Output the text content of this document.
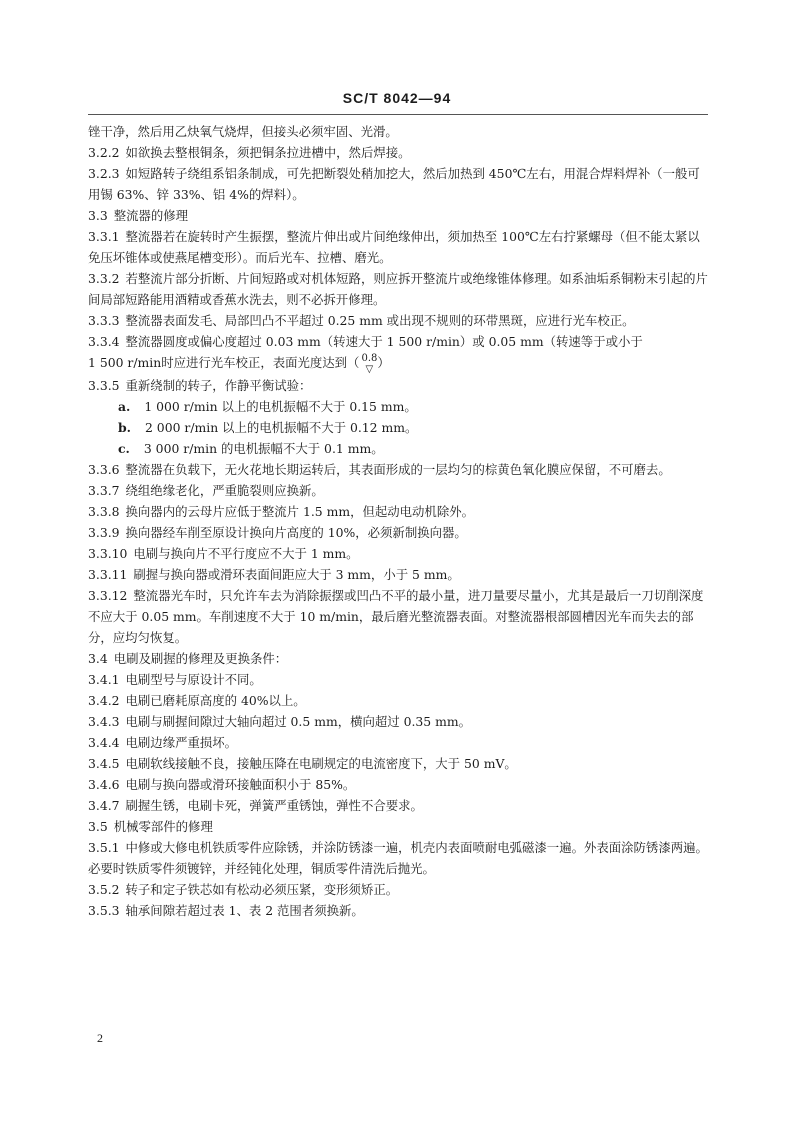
SC/T 8042—94

锉干净，然后用乙炔氧气烧焊，但接头必须牢固、光滑。

3.2.2 如欲换去整根铜条，须把铜条拉进槽中，然后焊接。

3.2.3 如短路转子绕组系铝条制成，可先把断裂处稍加挖大，然后加热到 450℃左右，用混合焊料焊补（一般可用锡 63%、锌 33%、铝 4%的焊料）。

3.3 整流器的修理

3.3.1 整流器若在旋转时产生振摆，整流片伸出或片间绝缘伸出，须加热至 100℃左右拧紧螺母（但不能太紧以免压坏锥体或使燕尾槽变形）。而后光车、拉槽、磨光。

3.3.2 若整流片部分折断、片间短路或对机体短路，则应拆开整流片或绝缘锥体修理。如系油垢系铜粉末引起的片间局部短路能用酒精或香蕉水洗去，则不必拆开修理。

3.3.3 整流器表面发毛、局部凹凸不平超过 0.25 mm 或出现不规则的环带黑斑，应进行光车校正。

3.3.4 整流器圆度或偏心度超过 0.03 mm（转速大于 1 500 r/min）或 0.05 mm（转速等于或小于

1 500 r/min时应进行光车校正，表面光度达到（ 0.8
▽ ）

3.3.5 重新绕制的转子，作静平衡试验：

a. 1 000 r/min 以上的电机振幅不大于 0.15 mm。

b. 2 000 r/min 以上的电机振幅不大于 0.12 mm。

c. 3 000 r/min 的电机振幅不大于 0.1 mm。

3.3.6 整流器在负载下，无火花地长期运转后，其表面形成的一层均匀的棕黄色氧化膜应保留，不可磨去。

3.3.7 绕组绝缘老化，严重脆裂则应换新。

3.3.8 换向器内的云母片应低于整流片 1.5 mm，但起动电动机除外。

3.3.9 换向器经车削至原设计换向片高度的 10%，必须新制换向器。

3.3.10 电刷与换向片不平行度应不大于 1 mm。

3.3.11 刷握与换向器或滑环表面间距应大于 3 mm，小于 5 mm。

3.3.12 整流器光车时，只允许车去为消除振摆或凹凸不平的最小量，进刀量要尽量小，尤其是最后一刀切削深度不应大于 0.05 mm。车削速度不大于 10 m/min，最后磨光整流器表面。对整流器根部圆槽因光车而失去的部分，应均匀恢复。

3.4 电刷及刷握的修理及更换条件：

3.4.1 电刷型号与原设计不同。

3.4.2 电刷已磨耗原高度的 40%以上。

3.4.3 电刷与刷握间隙过大轴向超过 0.5 mm，横向超过 0.35 mm。

3.4.4 电刷边缘严重损坏。

3.4.5 电刷软线接触不良，接触压降在电刷规定的电流密度下，大于 50 mV。

3.4.6 电刷与换向器或滑环接触面积小于 85%。

3.4.7 刷握生锈，电刷卡死，弹簧严重锈蚀，弹性不合要求。

3.5 机械零部件的修理

3.5.1 中修或大修电机铁质零件应除锈，并涂防锈漆一遍，机壳内表面喷耐电弧磁漆一遍。外表面涂防锈漆两遍。必要时铁质零件须镀锌，并经钝化处理，铜质零件清洗后抛光。

3.5.2 转子和定子铁芯如有松动必须压紧，变形须矫正。

3.5.3 轴承间隙若超过表 1、表 2 范围者须换新。

2
